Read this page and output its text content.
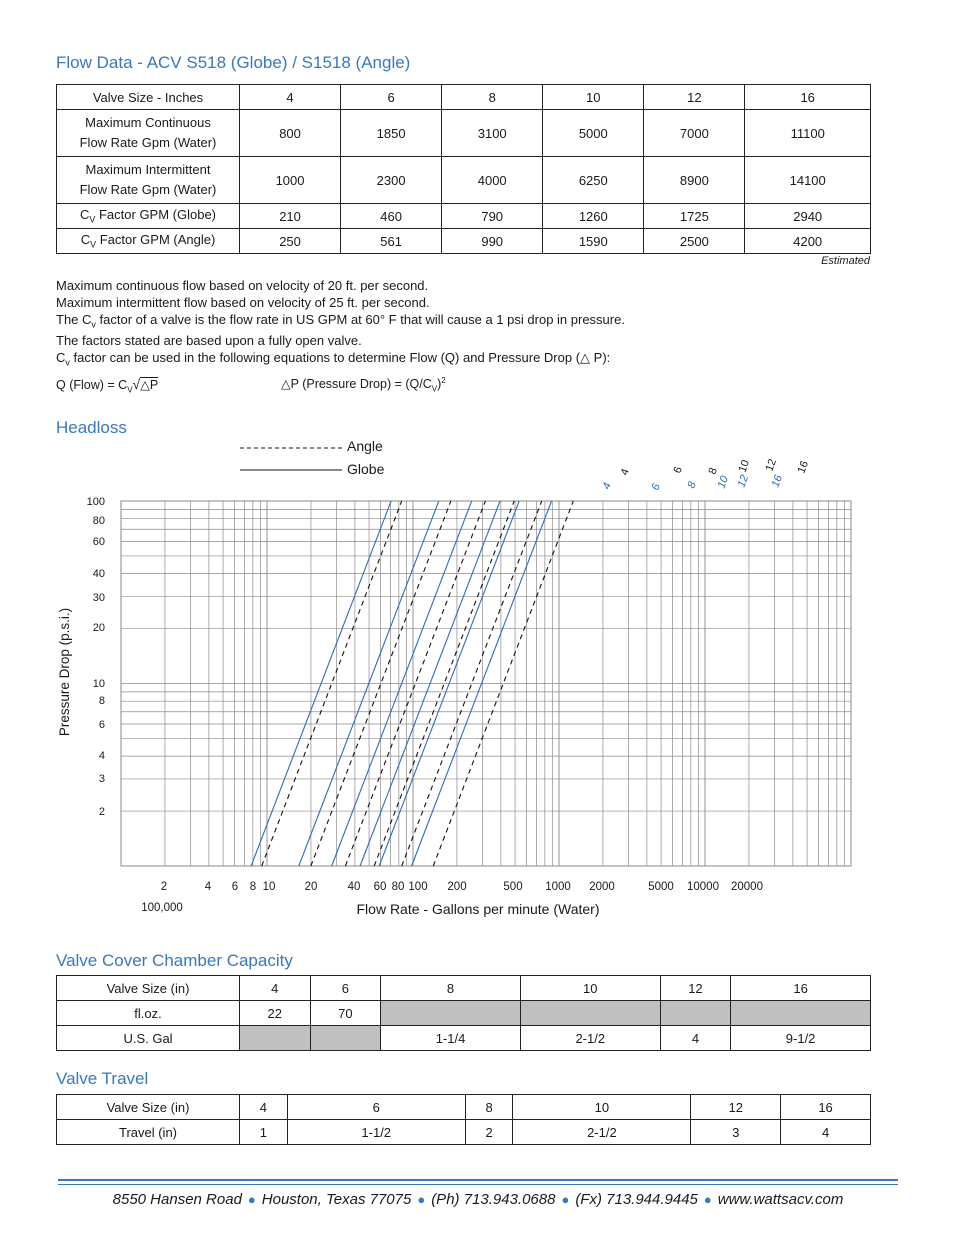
Flow Data - ACV S518 (Globe) / S1518 (Angle)
Valve Size - Inches	4	6	8	10	12	16

Maximum Continuous
Flow Rate Gpm (Water)	800	1850	3100	5000	7000	11100

Maximum Intermittent
Flow Rate Gpm (Water)	1000	2300	4000	6250	8900	14100
$C_V$ Factor GPM (Globe)	210	460	790	1260	1725	2940
$C_V$ Factor GPM (Angle)	250	561	990	1590	2500	4200
Estimated
Maximum continuous flow based on velocity of 20 ft. per second.
Maximum intermittent flow based on velocity of 25 ft. per second.
The $C_v$ factor of a valve is the flow rate in US GPM at 60° F that will cause a 1 psi drop in pressure.
The factors stated are based upon a fully open valve.
$C_v$ factor can be used in the following equations to determine Flow (Q) and Pressure Drop (△ P):
Q (Flow) = $C_V√\triangle P$	△P (Pressure Drop) = $(Q/C_V)^2$
Headloss
Angle
Globe
100
80
60
40
30
20
10
8
6
4
3
2
2	4 6 8 10	20	40 60 80 100 200	500 1000 2000	5000 10000 20000
100,000	Flow Rate - Gallons per minute (Water)
Pressure Drop (p.s.i.)
4	6 8 10 12 16
4	6 8 10 12 16
Valve Cover Chamber Capacity
Valve Size (in)	4	6	8	10	12	16
fl.oz.	22	70				
U.S. Gal			1-1/4	2-1/2	4	9-1/2
Valve Travel
Valve Size (in)	4	6	8	10	12	16
Travel (in)	1	1-1/2	2	2-1/2	3	4
8550 Hansen Road ● Houston, Texas 77075 ● (Ph) 713.943.0688 ● (Fx) 713.944.9445 ● www.wattsacv.com
